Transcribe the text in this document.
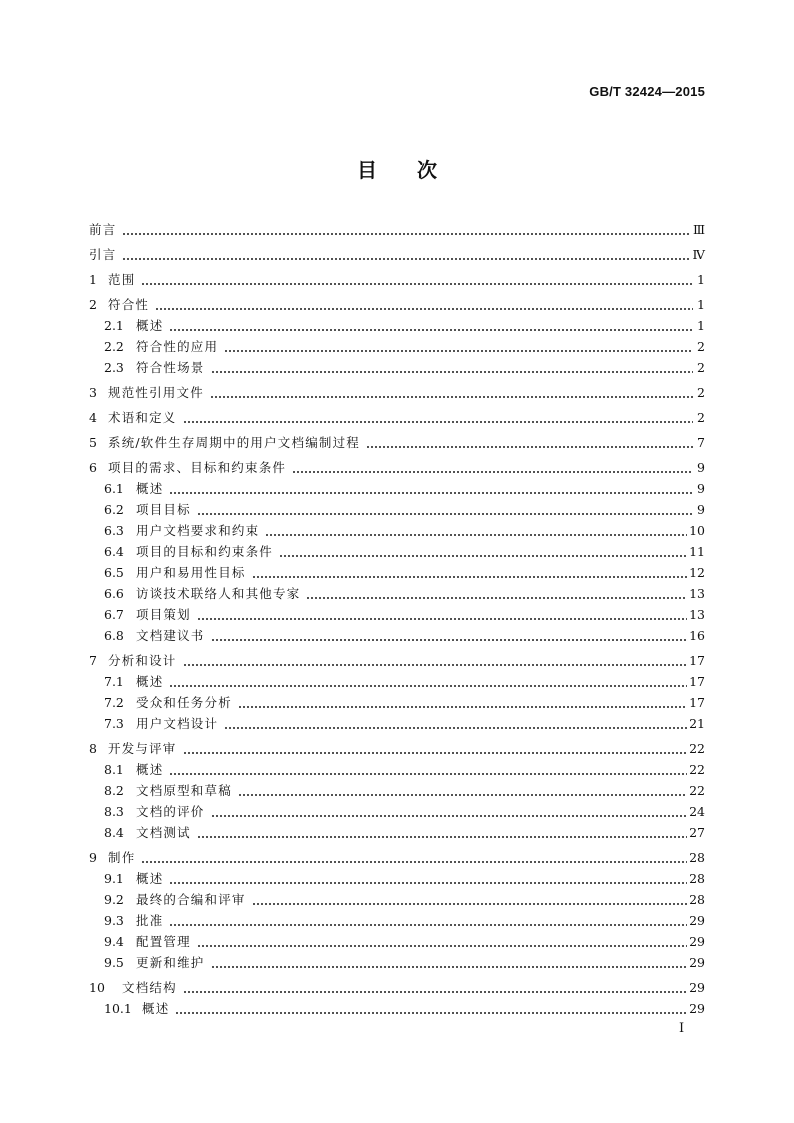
GB/T 32424—2015
目次
前言	Ⅲ
引言	Ⅳ
1 范围	1
2 符合性	1
2.1 概述	1
2.2 符合性的应用	2
2.3 符合性场景	2
3 规范性引用文件	2
4 术语和定义	2
5 系统/软件生存周期中的用户文档编制过程	7
6 项目的需求、目标和约束条件	9
6.1 概述	9
6.2 项目目标	9
6.3 用户文档要求和约束	10
6.4 项目的目标和约束条件	11
6.5 用户和易用性目标	12
6.6 访谈技术联络人和其他专家	13
6.7 项目策划	13
6.8 文档建议书	16
7 分析和设计	17
7.1 概述	17
7.2 受众和任务分析	17
7.3 用户文档设计	21
8 开发与评审	22
8.1 概述	22
8.2 文档原型和草稿	22
8.3 文档的评价	24
8.4 文档测试	27
9 制作	28
9.1 概述	28
9.2 最终的合编和评审	28
9.3 批准	29
9.4 配置管理	29
9.5 更新和维护	29
10	文档结构	29
10.1 概述	29
I
